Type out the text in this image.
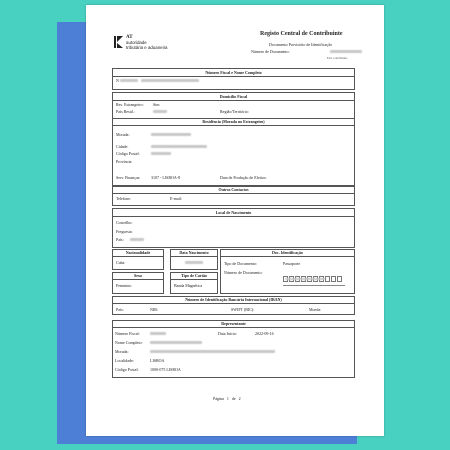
AT
autoridade
tributária e aduaneira
Registo Central de Contribuinte
Documento Provisório de Identificação
Número de Documento:
Este contribuinte
Número Fiscal e Nome Completo
N
Domicílio Fiscal
Res. Estrangeiro: Sim
País Resid.:	Região/Território:
Residência (Morada no Estrangeiro)
Morada:
Cidade:
Código Postal:
Província:
Serv. Finanças:	3107 - LISBOA-8	Data de Produção de Efeitos:
Outros Contactos
Telefone:	E-mail:
Local de Nascimento
Concelho:
Freguesia:
País:
Nacionalidade
Cuba
Data Nascimento	Doc. Identificação
Tipo de Documento:	Passaporte
Número de Documento:
Sexo
Feminino
Tipo de Cartão
Banda Magnética
Número de Identificação Bancária Internacional (IBAN)
País:	NIB:	SWIFT (BIC):	Moeda:
Representante
Número Fiscal:	Data Início:	2022-09-16
Nome Completo:
Morada:
Localidade:	LISBOA
Código Postal:	1000-075 LISBOA
Página 1 de 2
